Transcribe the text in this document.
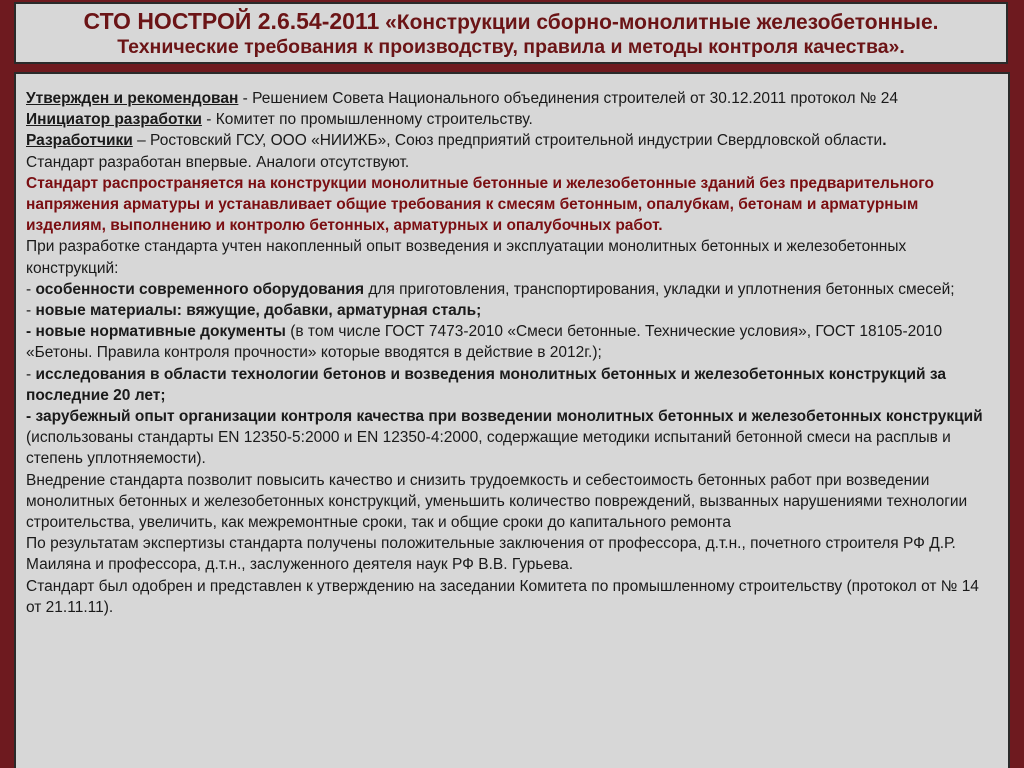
СТО НОСТРОЙ 2.6.54-2011 «Конструкции сборно-монолитные железобетонные.
Технические требования к производству, правила и методы контроля качества».

Утвержден и рекомендован - Решением Совета Национального объединения строителей от 30.12.2011 протокол № 24

Инициатор разработки - Комитет по промышленному строительству.

Разработчики – Ростовский ГСУ, ООО «НИИЖБ», Союз предприятий строительной индустрии Свердловской области.

Стандарт разработан впервые. Аналоги отсутствуют.

Стандарт распространяется на конструкции монолитные бетонные и железобетонные зданий без предварительного напряжения арматуры и устанавливает общие требования к смесям бетонным, опалубкам, бетонам и арматурным изделиям, выполнению и контролю бетонных, арматурных и опалубочных работ.

При разработке стандарта учтен накопленный опыт возведения и эксплуатации монолитных бетонных и железобетонных конструкций:

- особенности современного оборудования для приготовления, транспортирования, укладки и уплотнения бетонных смесей;

- новые материалы: вяжущие, добавки, арматурная сталь;

- новые нормативные документы (в том числе ГОСТ 7473-2010 «Смеси бетонные. Технические условия», ГОСТ 18105-2010 «Бетоны. Правила контроля прочности» которые вводятся в действие в 2012г.);

- исследования в области технологии бетонов и возведения монолитных бетонных и железобетонных конструкций за последние 20 лет;

- зарубежный опыт организации контроля качества при возведении монолитных бетонных и железобетонных конструкций (использованы стандарты EN 12350-5:2000 и EN 12350-4:2000, содержащие методики испытаний бетонной смеси на расплыв и степень уплотняемости).

Внедрение стандарта позволит повысить качество и снизить трудоемкость и себестоимость бетонных работ при возведении монолитных бетонных и железобетонных конструкций, уменьшить количество повреждений, вызванных нарушениями технологии строительства, увеличить, как межремонтные сроки, так и общие сроки до капитального ремонта

По результатам экспертизы стандарта получены положительные заключения от профессора, д.т.н., почетного строителя РФ Д.Р. Маиляна и профессора, д.т.н., заслуженного деятеля наук РФ В.В. Гурьева.

Стандарт был одобрен и представлен к утверждению на заседании Комитета по промышленному строительству (протокол от № 14 от 21.11.11).
